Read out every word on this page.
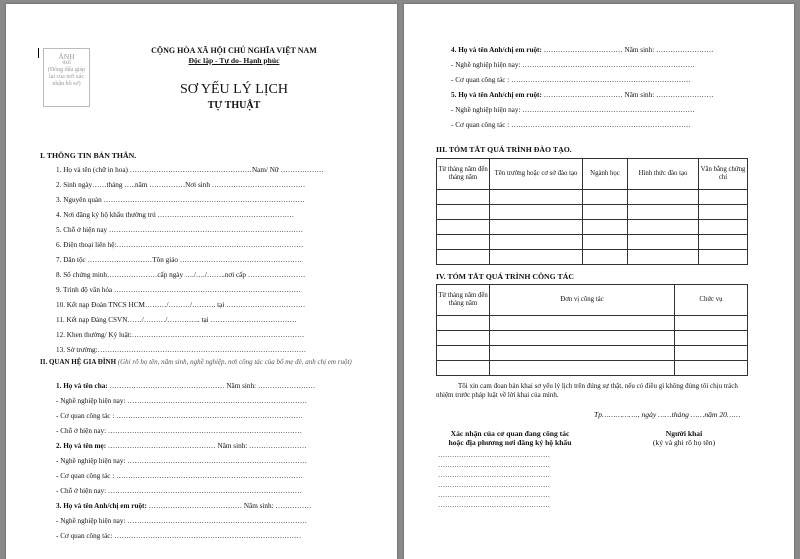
ẢNH
4x6
(Đóng dấu giáp lai của nơi xác nhận hồ sơ)
CỘNG HÒA XÃ HỘI CHỦ NGHĨA VIỆT NAM
Độc lập - Tự do- Hạnh phúc
SƠ YẾU LÝ LỊCH
TỰ THUẬT
I. THÔNG TIN BẢN THÂN.
1. Họ và tên (chữ in hoa) ……………………………………………Nam/ Nữ ………………
2. Sinh ngày……tháng …..năm ……………Nơi sinh …………………………………
3. Nguyên quán …………………………………………………………………………
4. Nơi đăng ký hộ khẩu thường trú …………………………………………………
5. Chỗ ở hiện nay ………………………………………………………………………
6. Điện thoại liên hệ:……………………………………………………………………
7. Dân tộc ………………………Tôn giáo ……………………………………………
8. Số chứng minh…………………cấp ngày …./…./……..nơi cấp ……………………
9. Trình độ văn hóa ……………………………………………………………………
10. Kết nạp Đoàn TNCS HCM………/………/………. tại ……………………………
11. Kết nạp Đảng CSVN……/………/………….. tại ………………………………
12. Khen thưởng/ Kỷ luật:………………………………………………………………
13. Sở trường:……………………………………………………………………………
II. QUAN HỆ GIA ĐÌNH (Ghi rõ họ tên, năm sinh, nghề nghiệp, nơi công tác của bố mẹ đẻ, anh chị em ruột)
1. Họ và tên cha: ………………………………………… Năm sinh: ……………………
- Nghề nghiệp hiện nay: …………………………………………………………………
- Cơ quan công tác : ……………………………………………………………………
- Chỗ ở hiện nay: ………………………………………………………………………
2. Họ và tên mẹ: ……………………………………… Năm sinh: ……………………
- Nghề nghiệp hiện nay: …………………………………………………………………
- Cơ quan công tác : ……………………………………………………………………
- Chỗ ở hiện nay: ………………………………………………………………………
3. Họ và tên Anh/chị em ruột: ………………………………… Năm sinh: ……………
- Nghề nghiệp hiện nay: …………………………………………………………………
- Cơ quan công tác: ……………………………………………………………………
4. Họ và tên Anh/chị em ruột: …………………………… Năm sinh: ……………………
- Nghề nghiệp hiện nay: ………………………………………………………………
- Cơ quan công tác : …………………………………………………………………
5. Họ và tên Anh/chị em ruột: …………………………… Năm sinh: ……………………
- Nghề nghiệp hiện nay: ………………………………………………………………
- Cơ quan công tác : …………………………………………………………………
III. TÓM TẮT QUÁ TRÌNH ĐÀO TẠO.
Từ tháng năm đến tháng năm	Tên trường hoặc cơ sở đào tạo	Ngành học	Hình thức đào tạo	Văn bằng chứng chỉ

IV. TÓM TẮT QUÁ TRÌNH CÔNG TÁC
Từ tháng năm đến tháng năm	Đơn vị công tác	Chức vụ

Tôi xin cam đoan bản khai sơ yếu lý lịch trên đúng sự thật, nếu có điều gì không đúng tôi chịu trách nhiệm trước pháp luật về lời khai của mình.
Tp……………., ngày ……tháng ……năm 20……
Xác nhận của cơ quan đang công tác
hoặc địa phương nơi đăng ký hộ khẩu
…………………………………………
…………………………………………
…………………………………………
…………………………………………
…………………………………………
…………………………………………
Người khai
(ký và ghi rõ họ tên)
